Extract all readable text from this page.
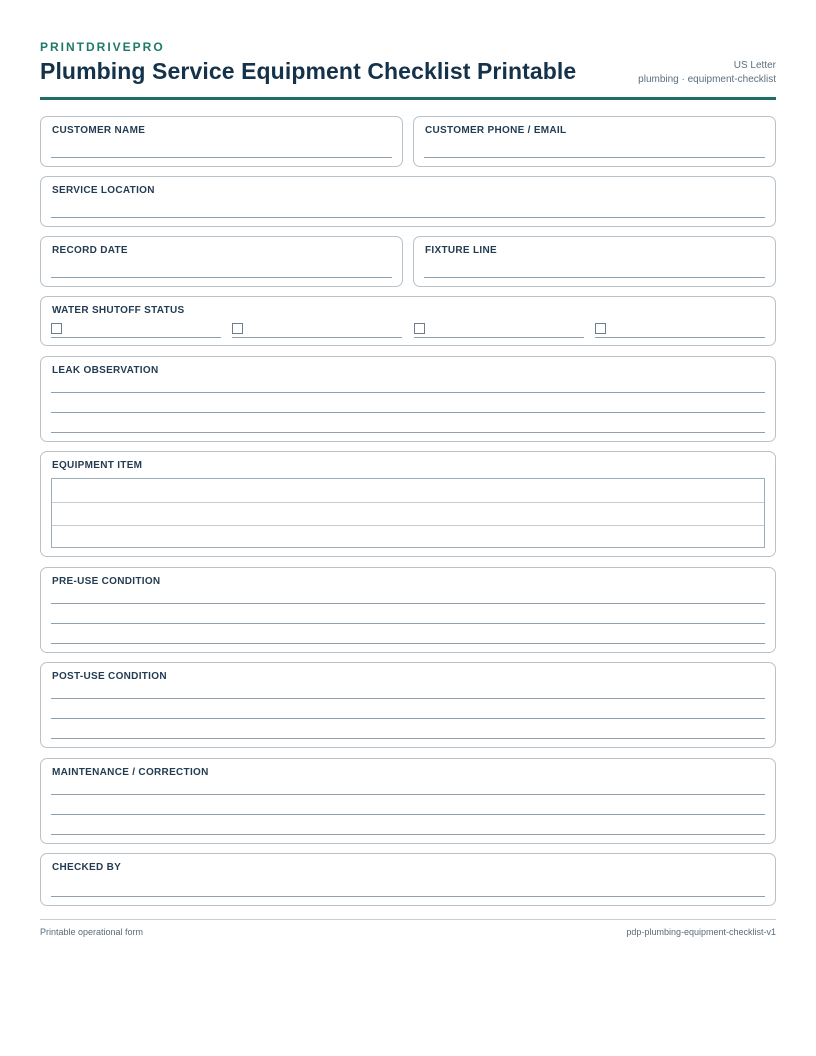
PRINTDRIVEPRO
Plumbing Service Equipment Checklist Printable	US Letter
plumbing · equipment-checklist
CUSTOMER NAME	CUSTOMER PHONE / EMAIL
SERVICE LOCATION
RECORD DATE	FIXTURE LINE
WATER SHUTOFF STATUS
LEAK OBSERVATION
EQUIPMENT ITEM
PRE-USE CONDITION
POST-USE CONDITION
MAINTENANCE / CORRECTION
CHECKED BY
Printable operational form	pdp-plumbing-equipment-checklist-v1
